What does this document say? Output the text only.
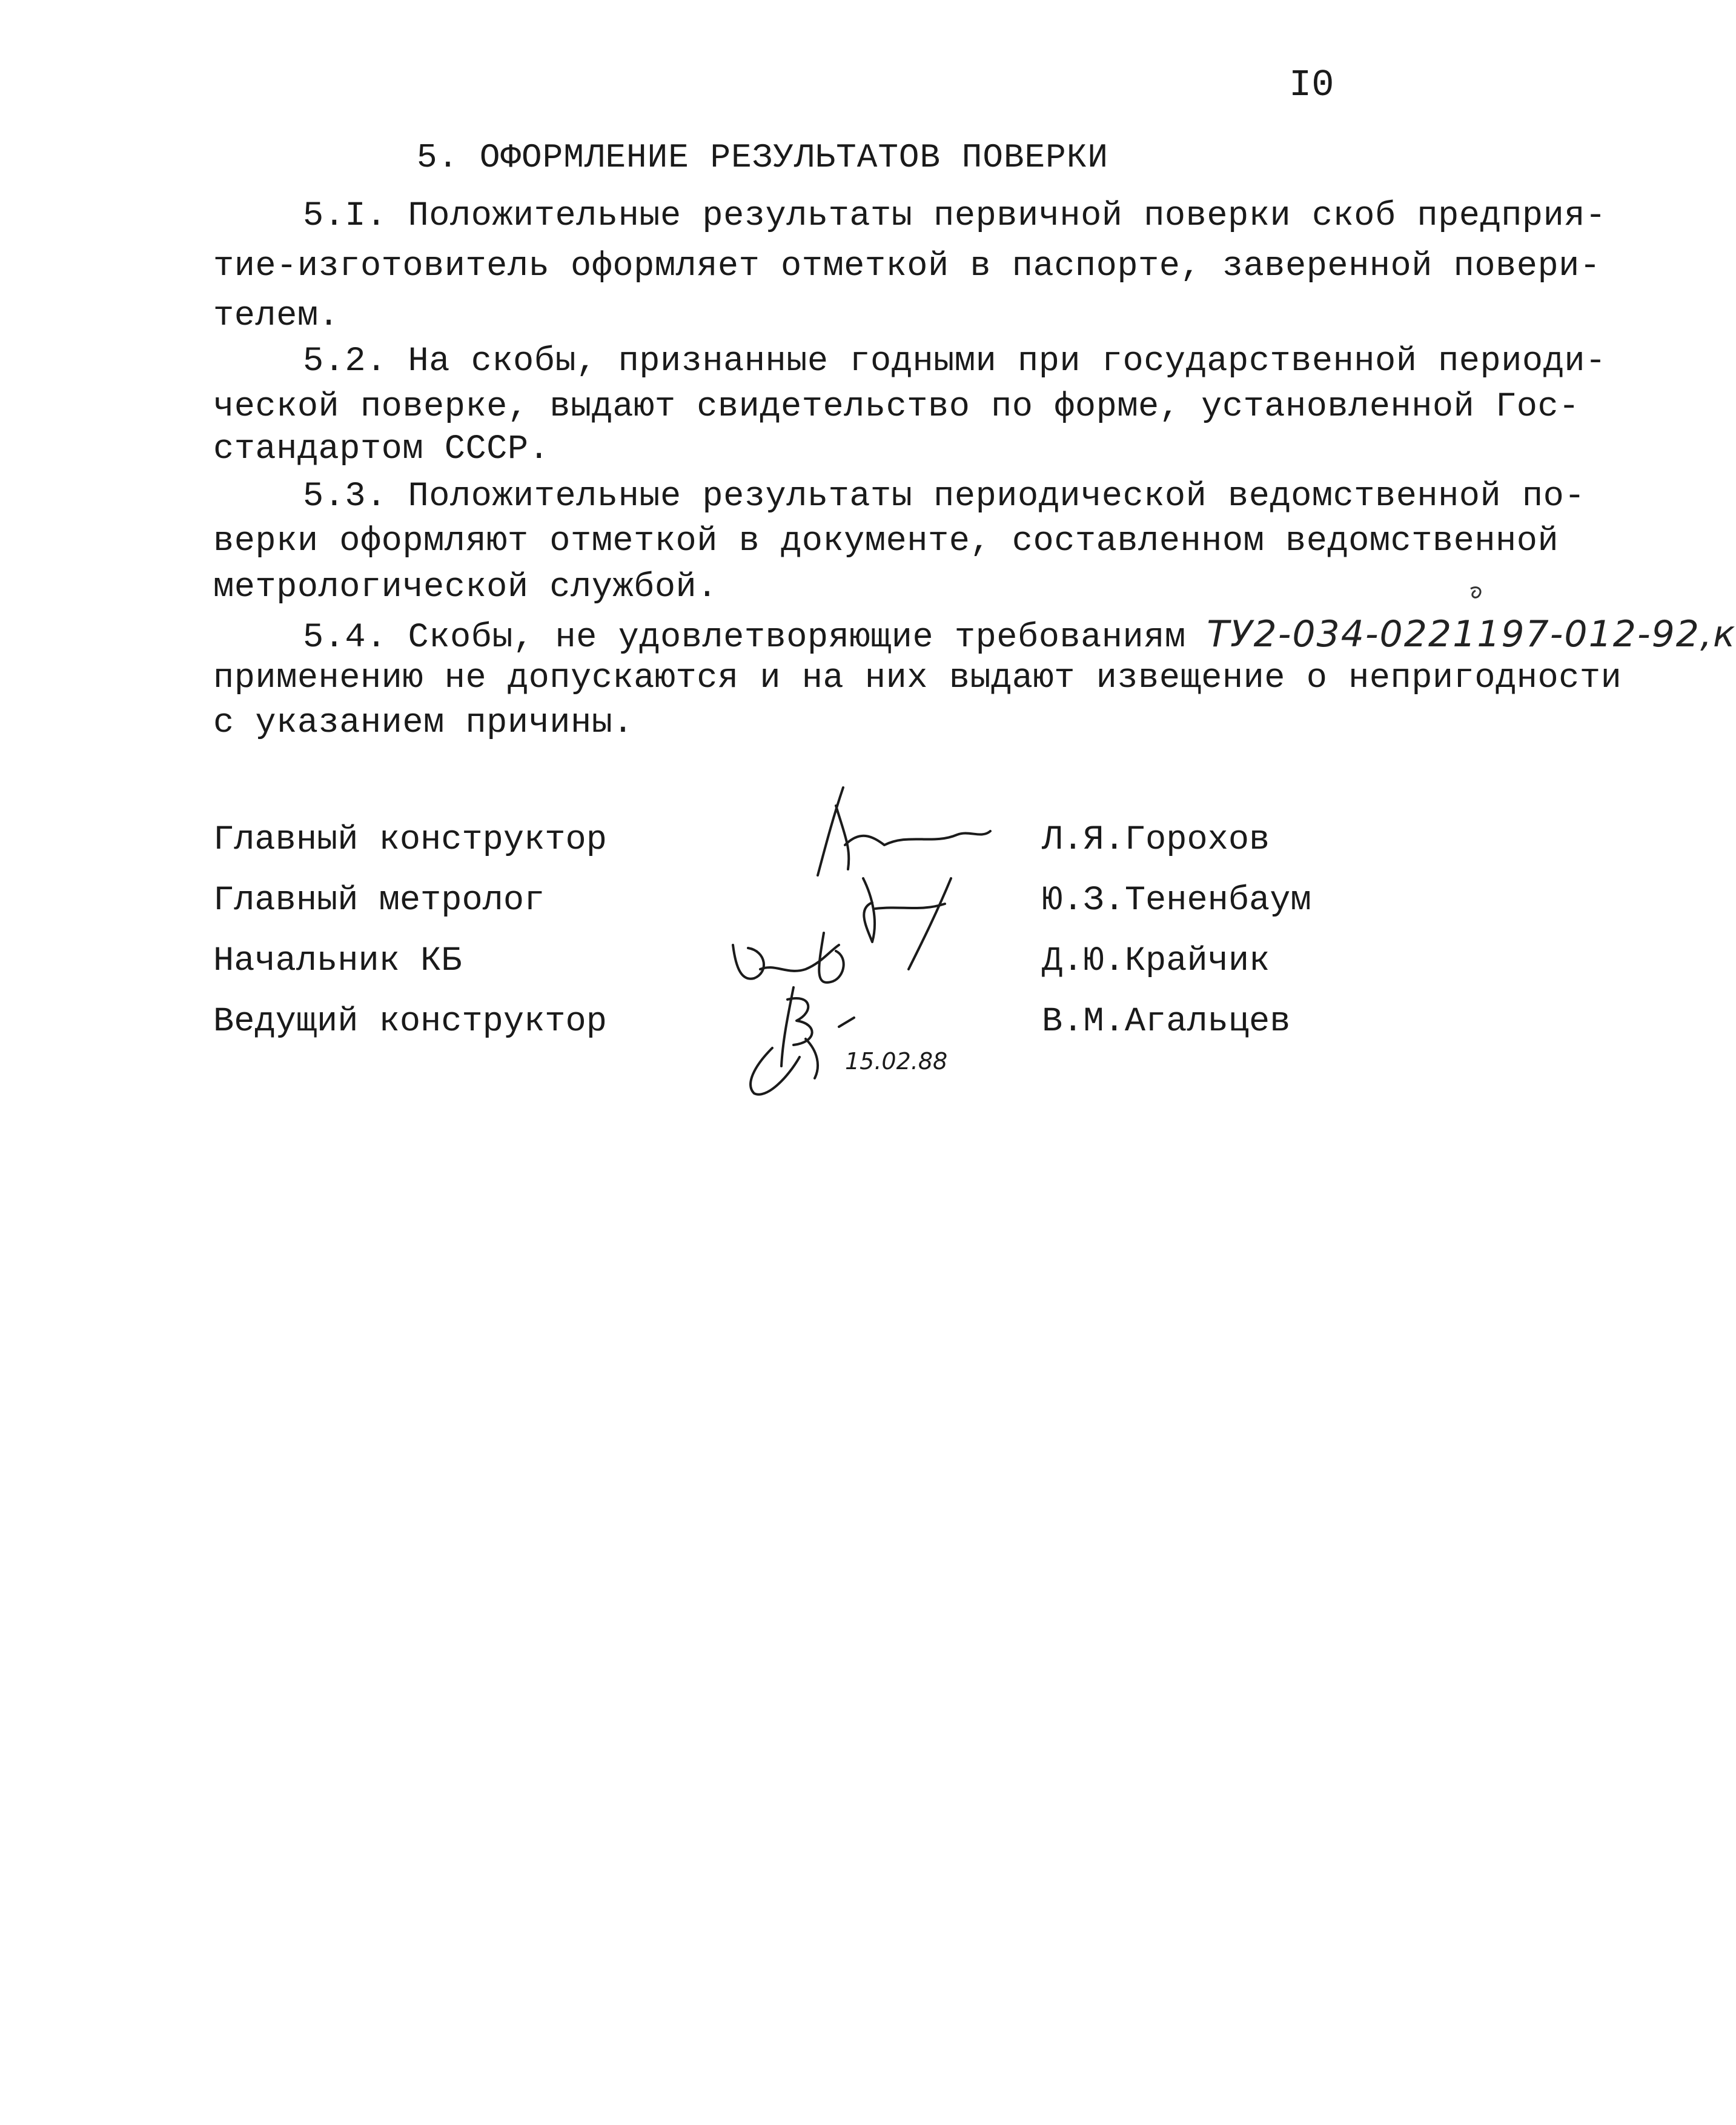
I0
5. ОФОРМЛЕНИЕ РЕЗУЛЬТАТОВ ПОВЕРКИ
5.I. Положительные результаты первичной поверки скоб предприя-
тие-изготовитель оформляет отметкой в паспорте, заверенной повери-
телем.
5.2. На скобы, признанные годными при государственной периоди-
ческой поверке, выдают свидетельство по форме, установленной Гос-
стандартом СССР.
5.3. Положительные результаты периодической ведомственной по-
верки оформляют отметкой в документе, составленном ведомственной
метрологической службой.
5.4. Скобы, не удовлетворяющие требованиям ТУ2-034-0221197-012-92,к
применению не допускаются и на них выдают извещение о непригодности
с указанием причины.
Главный конструктор
Главный метролог
Начальник КБ
Ведущий конструктор
Л.Я.Горохов
Ю.З.Тененбаум
Д.Ю.Крайчик
В.М.Агальцев
15.02.88
